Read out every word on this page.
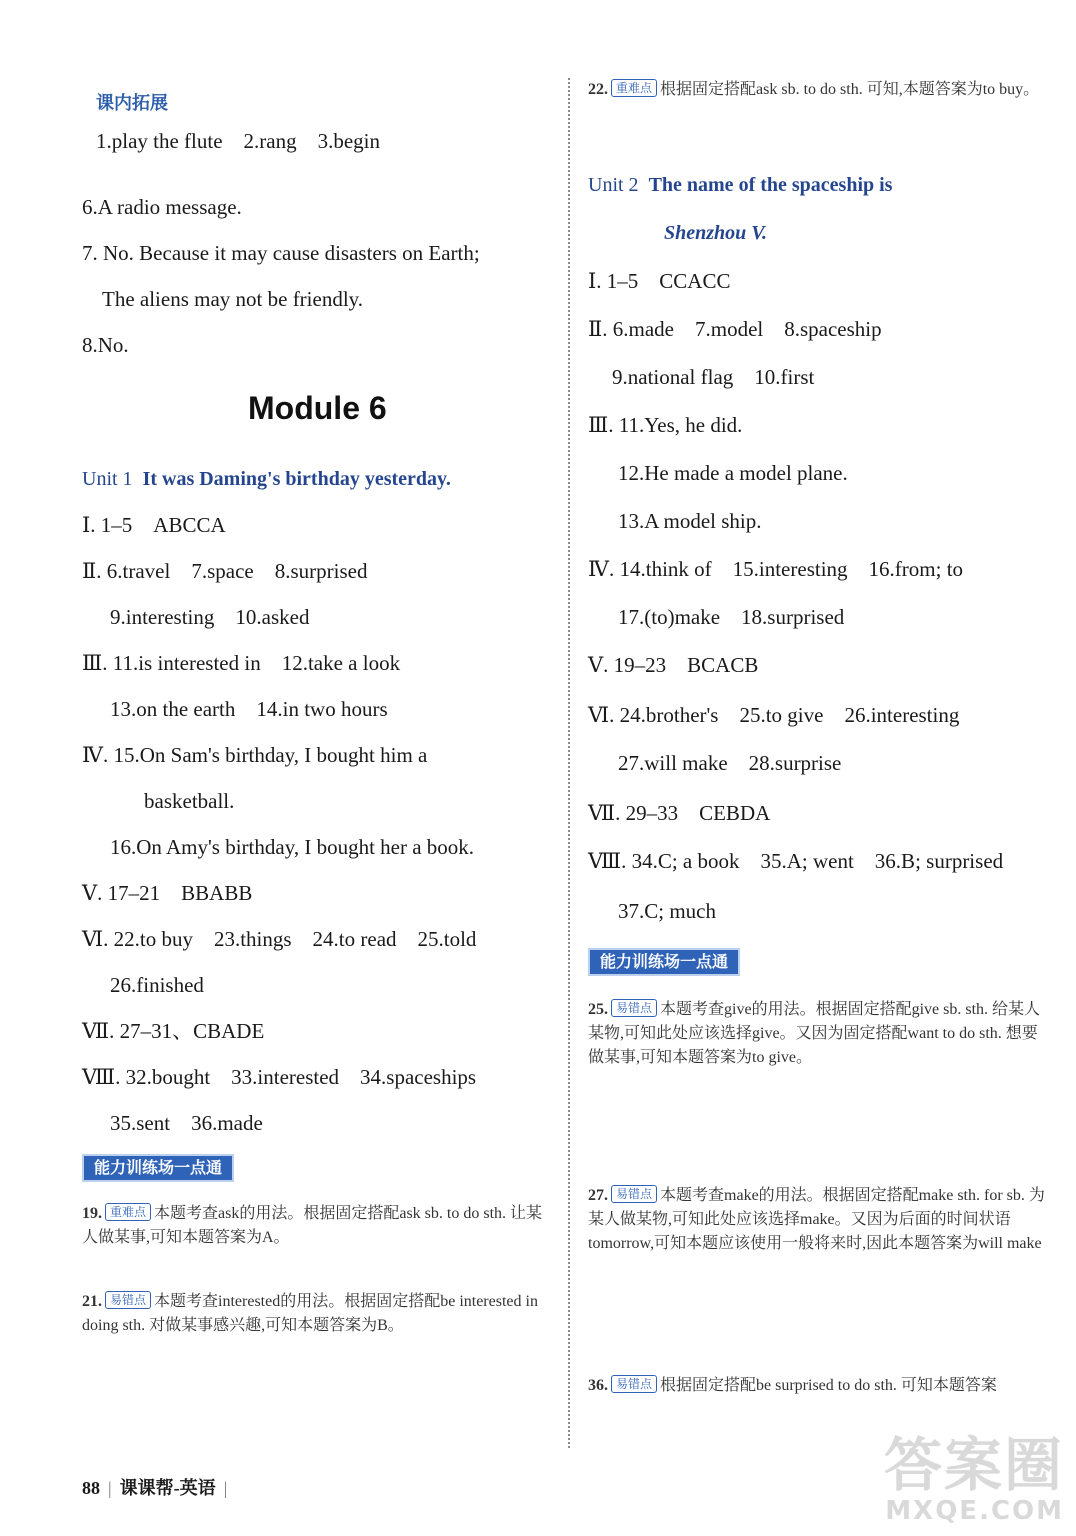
课内拓展
1.play the flute　2.rang　3.begin
6.A radio message.
7. No. Because it may cause disasters on Earth;
The aliens may not be friendly.
8.No.
Module 6
Unit 1 It was Daming's birthday yesterday.
Ⅰ. 1–5　ABCCA
Ⅱ. 6.travel　7.space　8.surprised
9.interesting　10.asked
Ⅲ. 11.is interested in　12.take a look
13.on the earth　14.in two hours
Ⅳ. 15.On Sam's birthday, I bought him a
basketball.
16.On Amy's birthday, I bought her a book.
Ⅴ. 17–21　BBABB
Ⅵ. 22.to buy　23.things　24.to read　25.told
26.finished
Ⅶ. 27–31、CBADE
Ⅷ. 32.bought　33.interested　34.spaceships
35.sent　36.made
能力训练场一点通
19. 重难点 本题考查ask的用法。根据固定搭配ask sb. to do sth. 让某人做某事,可知本题答案为A。
21. 易错点 本题考查interested的用法。根据固定搭配be interested in doing sth. 对做某事感兴趣,可知本题答案为B。
22. 重难点 根据固定搭配ask sb. to do sth. 可知,本题答案为to buy。
Unit 2 The name of the spaceship is
Shenzhou V.
Ⅰ. 1–5　CCACC
Ⅱ. 6.made　7.model　8.spaceship
9.national flag　10.first
Ⅲ. 11.Yes, he did.
12.He made a model plane.
13.A model ship.
Ⅳ. 14.think of　15.interesting　16.from; to
17.(to)make　18.surprised
Ⅴ. 19–23　BCACB
Ⅵ. 24.brother's　25.to give　26.interesting
27.will make　28.surprise
Ⅶ. 29–33　CEBDA
Ⅷ. 34.C; a book　35.A; went　36.B; surprised
37.C; much
能力训练场一点通
25. 易错点 本题考查give的用法。根据固定搭配give sb. sth. 给某人某物,可知此处应该选择give。又因为固定搭配want to do sth. 想要做某事,可知本题答案为to give。
27. 易错点 本题考查make的用法。根据固定搭配make sth. for sb. 为某人做某物,可知此处应该选择make。又因为后面的时间状语tomorrow,可知本题应该使用一般将来时,因此本题答案为will make
36. 易错点 根据固定搭配be surprised to do sth. 可知本题答案
88 | 课课帮-英语 |	答案圈
MXQE.COM
